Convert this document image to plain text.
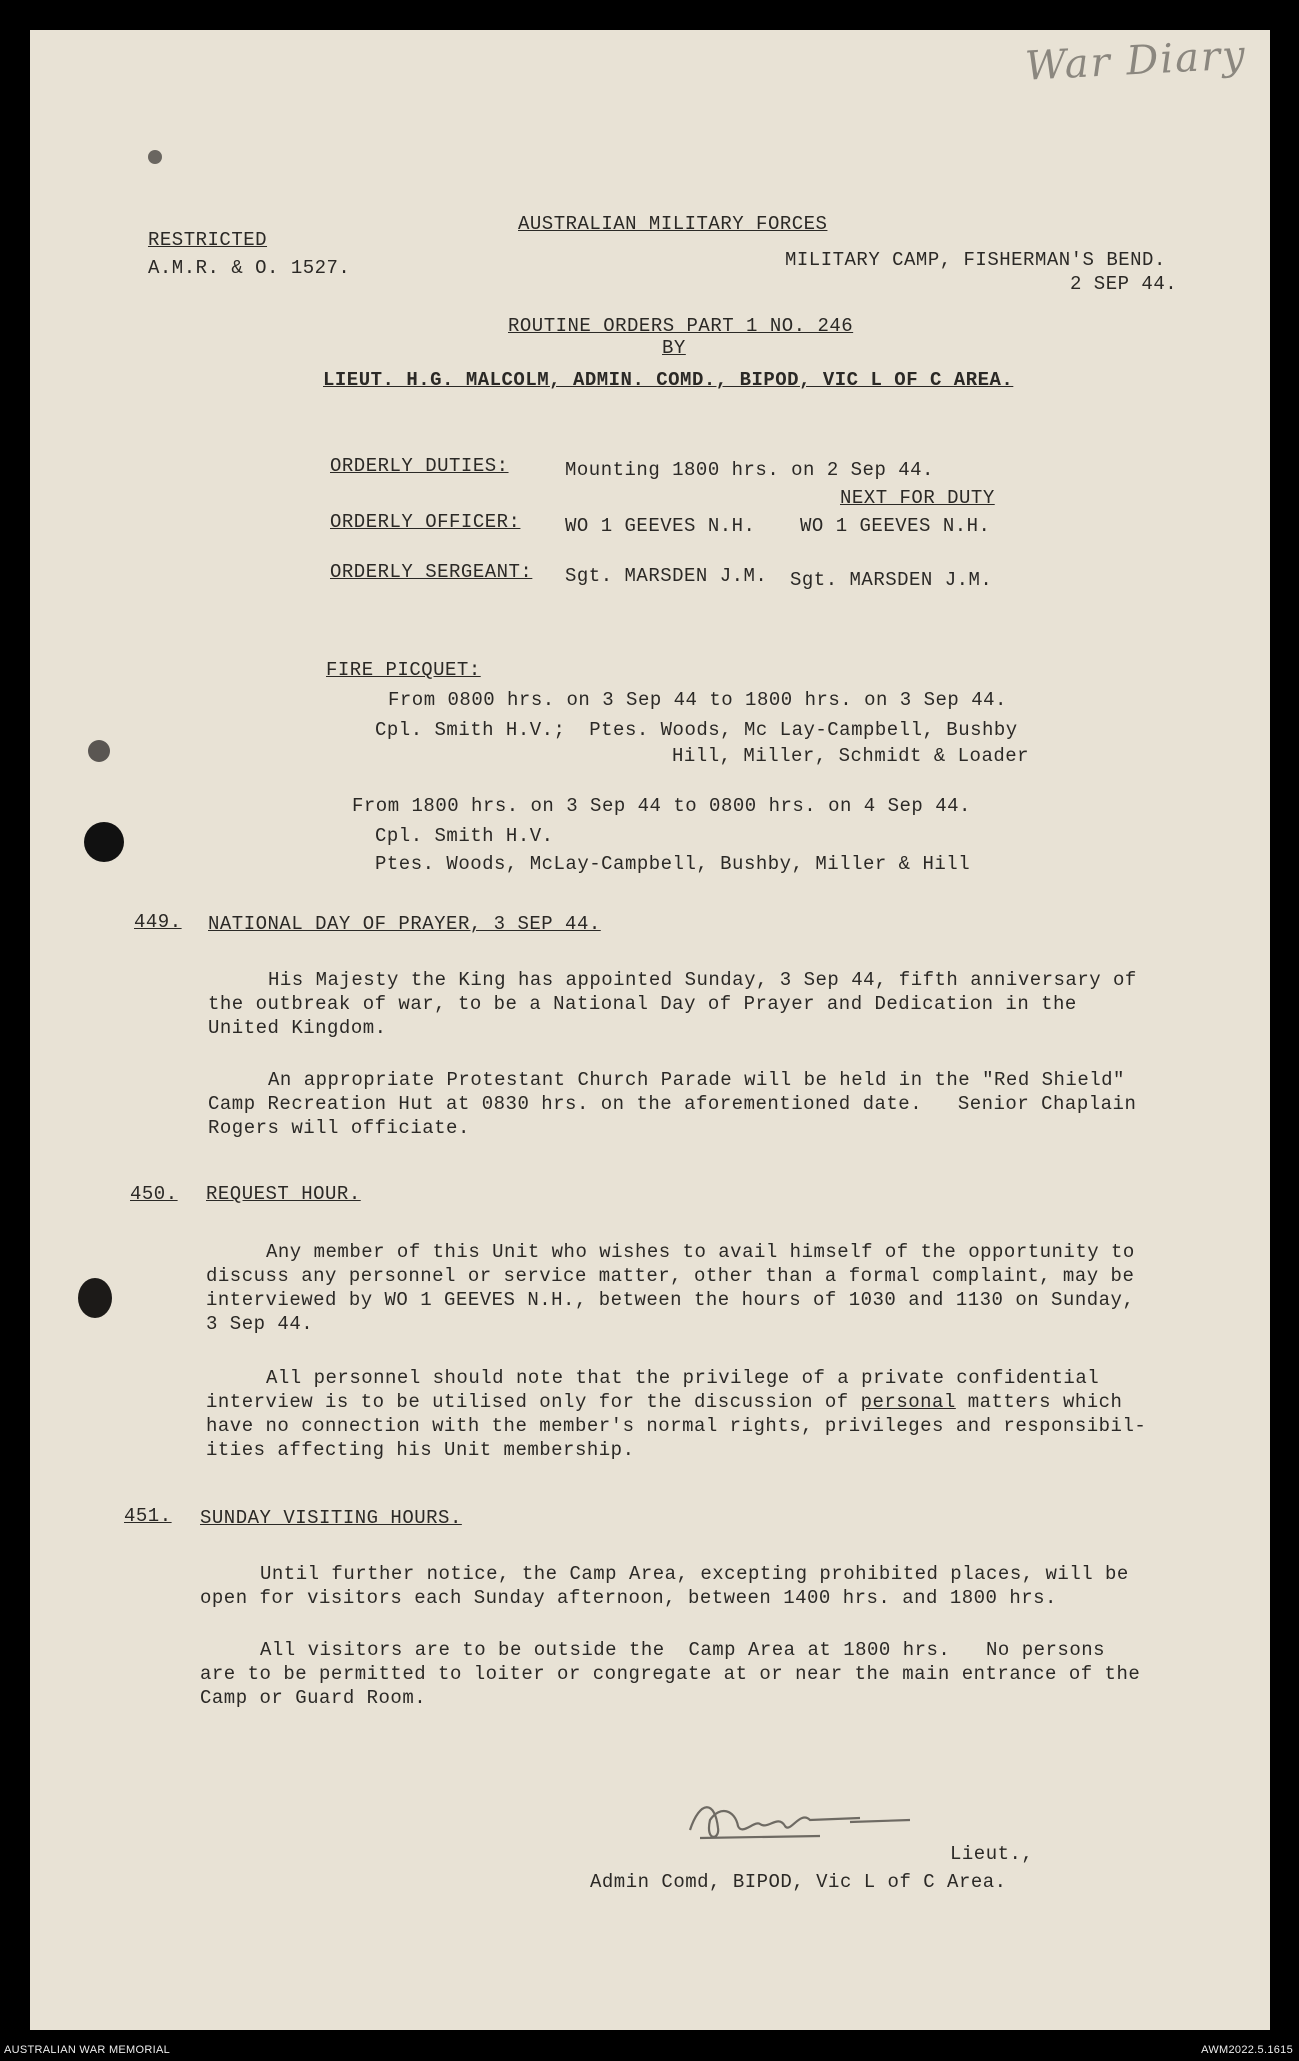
War Diary
RESTRICTED
A.M.R. & O. 1527.
AUSTRALIAN MILITARY FORCES
MILITARY CAMP, FISHERMAN'S BEND.
2 SEP 44.
ROUTINE ORDERS PART 1 NO. 246
BY
LIEUT. H.G. MALCOLM, ADMIN. COMD., BIPOD, VIC L OF C AREA.
ORDERLY DUTIES:	Mounting 1800 hrs. on 2 Sep 44.
NEXT FOR DUTY
ORDERLY OFFICER: WO 1 GEEVES N.H. WO 1 GEEVES N.H.
ORDERLY SERGEANT: Sgt. MARSDEN J.M. Sgt. MARSDEN J.M.
FIRE PICQUET:
From 0800 hrs. on 3 Sep 44 to 1800 hrs. on 3 Sep 44.
Cpl. Smith H.V.;  Ptes. Woods, Mc Lay-Campbell, Bushby
Hill, Miller, Schmidt & Loader
From 1800 hrs. on 3 Sep 44 to 0800 hrs. on 4 Sep 44.
Cpl. Smith H.V.
Ptes. Woods, McLay-Campbell, Bushby, Miller & Hill
449. NATIONAL DAY OF PRAYER, 3 SEP 44.
His Majesty the King has appointed Sunday, 3 Sep 44, fifth anniversary of
the outbreak of war, to be a National Day of Prayer and Dedication in the
United Kingdom.
An appropriate Protestant Church Parade will be held in the "Red Shield"
Camp Recreation Hut at 0830 hrs. on the aforementioned date.   Senior Chaplain
Rogers will officiate.
450. REQUEST HOUR.
Any member of this Unit who wishes to avail himself of the opportunity to
discuss any personnel or service matter, other than a formal complaint, may be
interviewed by WO 1 GEEVES N.H., between the hours of 1030 and 1130 on Sunday,
3 Sep 44.
All personnel should note that the privilege of a private confidential
interview is to be utilised only for the discussion of personal matters which
have no connection with the member's normal rights, privileges and responsibil-
ities affecting his Unit membership.
451. SUNDAY VISITING HOURS.
Until further notice, the Camp Area, excepting prohibited places, will be
open for visitors each Sunday afternoon, between 1400 hrs. and 1800 hrs.
All visitors are to be outside the  Camp Area at 1800 hrs.   No persons
are to be permitted to loiter or congregate at or near the main entrance of the
Camp or Guard Room.
Lieut.,
Admin Comd, BIPOD, Vic L of C Area.
AUSTRALIAN WAR MEMORIAL	AWM2022.5.1615
